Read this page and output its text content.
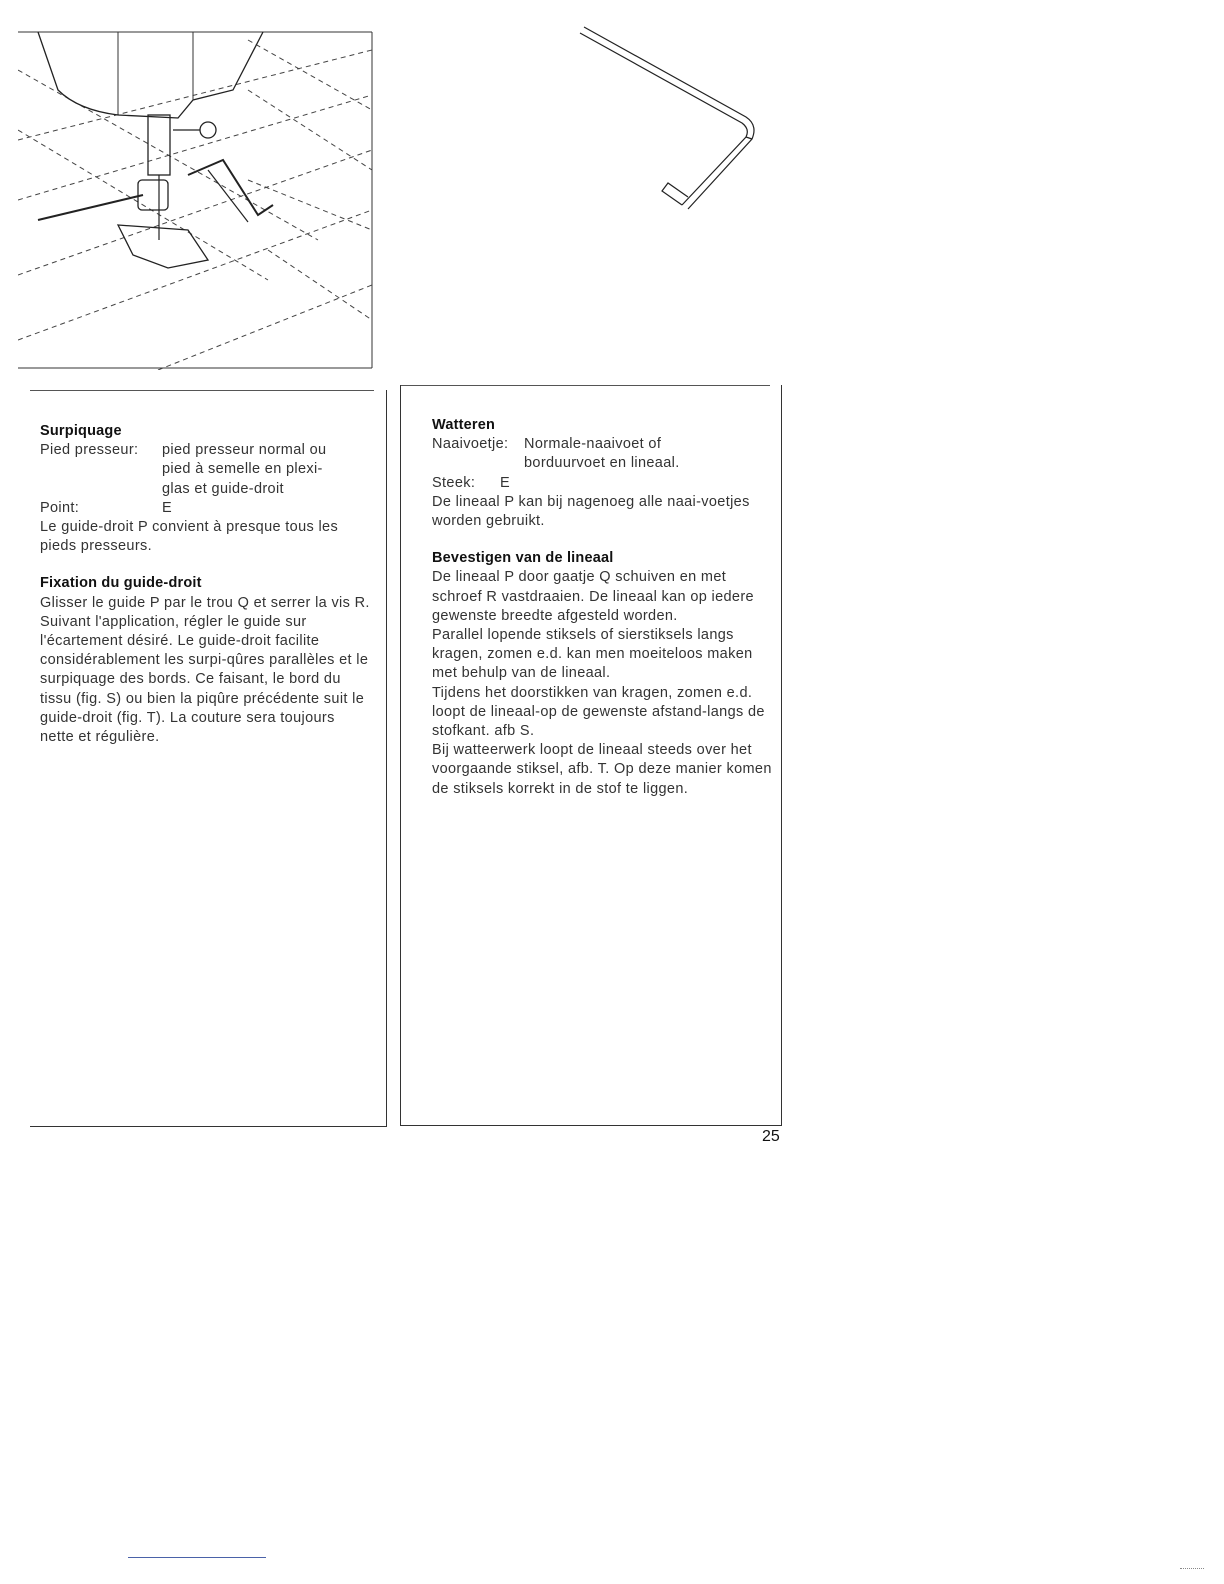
Surpiquage
Pied presseur:	pied presseur normal ou
pied à semelle en plexi-
glas et guide-droit
Point:	E

Le guide-droit P convient à presque tous les pieds presseurs.

Fixation du guide-droit

Glisser le guide P par le trou Q et serrer la vis R. Suivant l'application, régler le guide sur l'écartement désiré. Le guide-droit facilite considérablement les surpi-qûres parallèles et le surpiquage des bords. Ce faisant, le bord du tissu (fig. S) ou bien la piqûre précédente suit le guide-droit (fig. T). La couture sera toujours nette et régulière.

Watteren
Naaivoetje:	Normale-naaivoet of
borduurvoet en lineaal.
Steek:	E

De lineaal P kan bij nagenoeg alle naai-voetjes worden gebruikt.

Bevestigen van de lineaal

De lineaal P door gaatje Q schuiven en met schroef R vastdraaien. De lineaal kan op iedere gewenste breedte afgesteld worden.

Parallel lopende stiksels of sierstiksels langs kragen, zomen e.d. kan men moeiteloos maken met behulp van de lineaal.

Tijdens het doorstikken van kragen, zomen e.d. loopt de lineaal-op de gewenste afstand-langs de stofkant. afb S.

Bij watteerwerk loopt de lineaal steeds over het voorgaande stiksel, afb. T. Op deze manier komen de stiksels korrekt in de stof te liggen.

25
